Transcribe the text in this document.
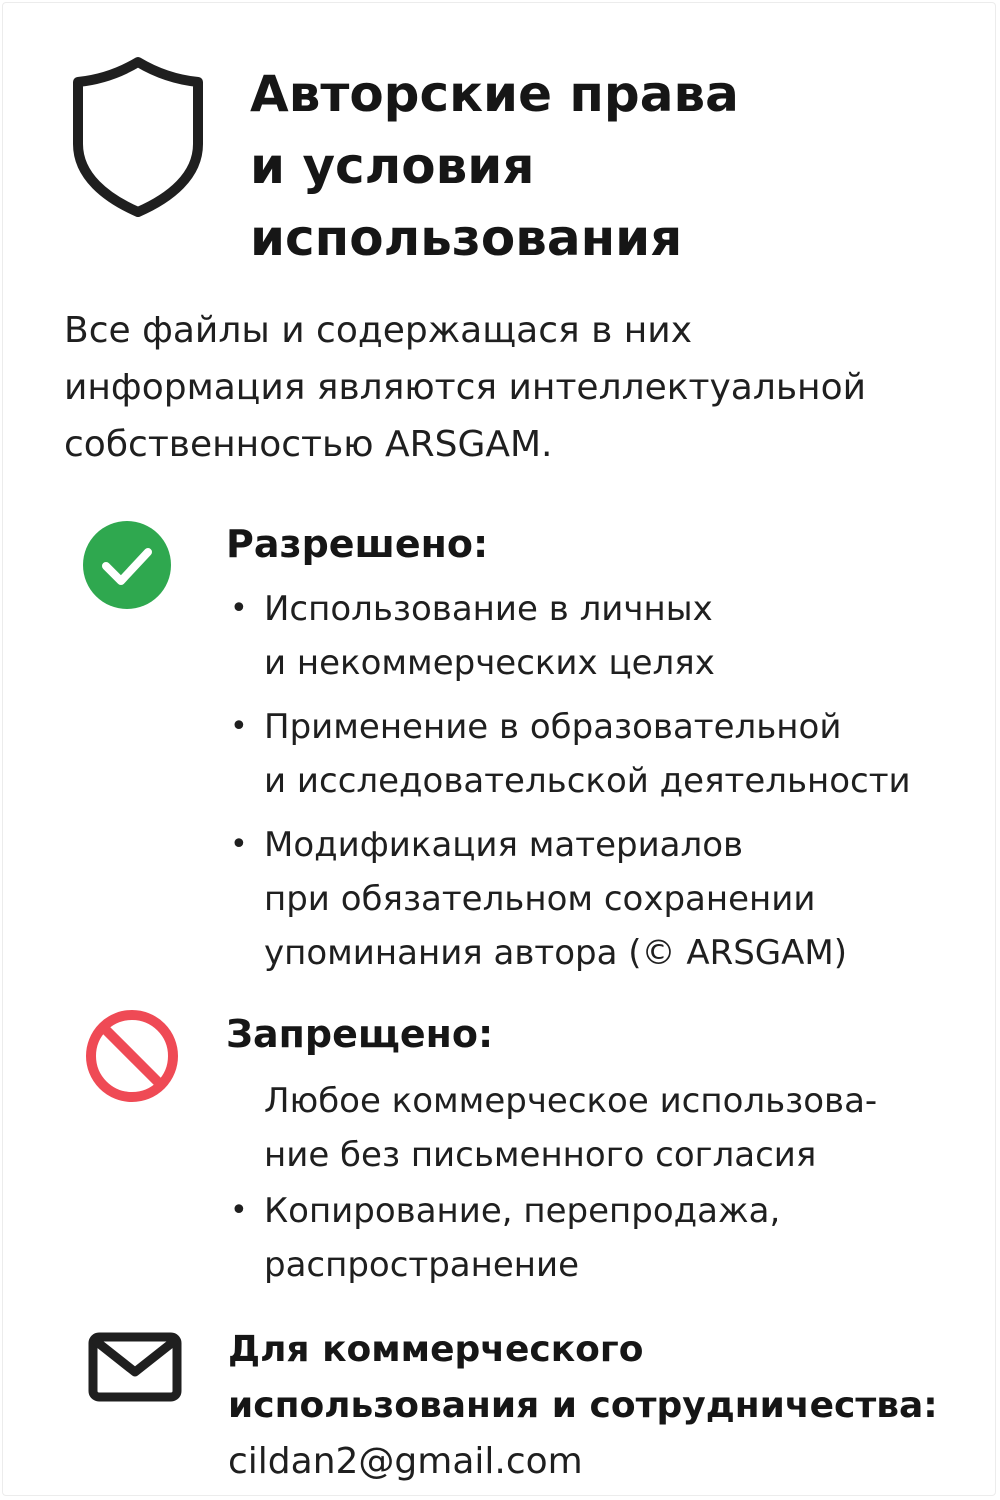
Авторские права
и условия
использования

Все файлы и содержащася в них
информация являются интеллектуальной
собственностью ARSGAM.

Разрешено:
• Использование в личных
и некоммерческих целях
• Применение в образовательной
и исследовательской деятельности
• Модификация материалов
при обязательном сохранении
упоминания автора (© ARSGAM)
Запрещено:
Любое коммерческое использова-
ние без письменного согласия
• Копирование, перепродажа,
распространение
Для коммерческого
использования и сотрудничества:

cildan2@gmail.com
